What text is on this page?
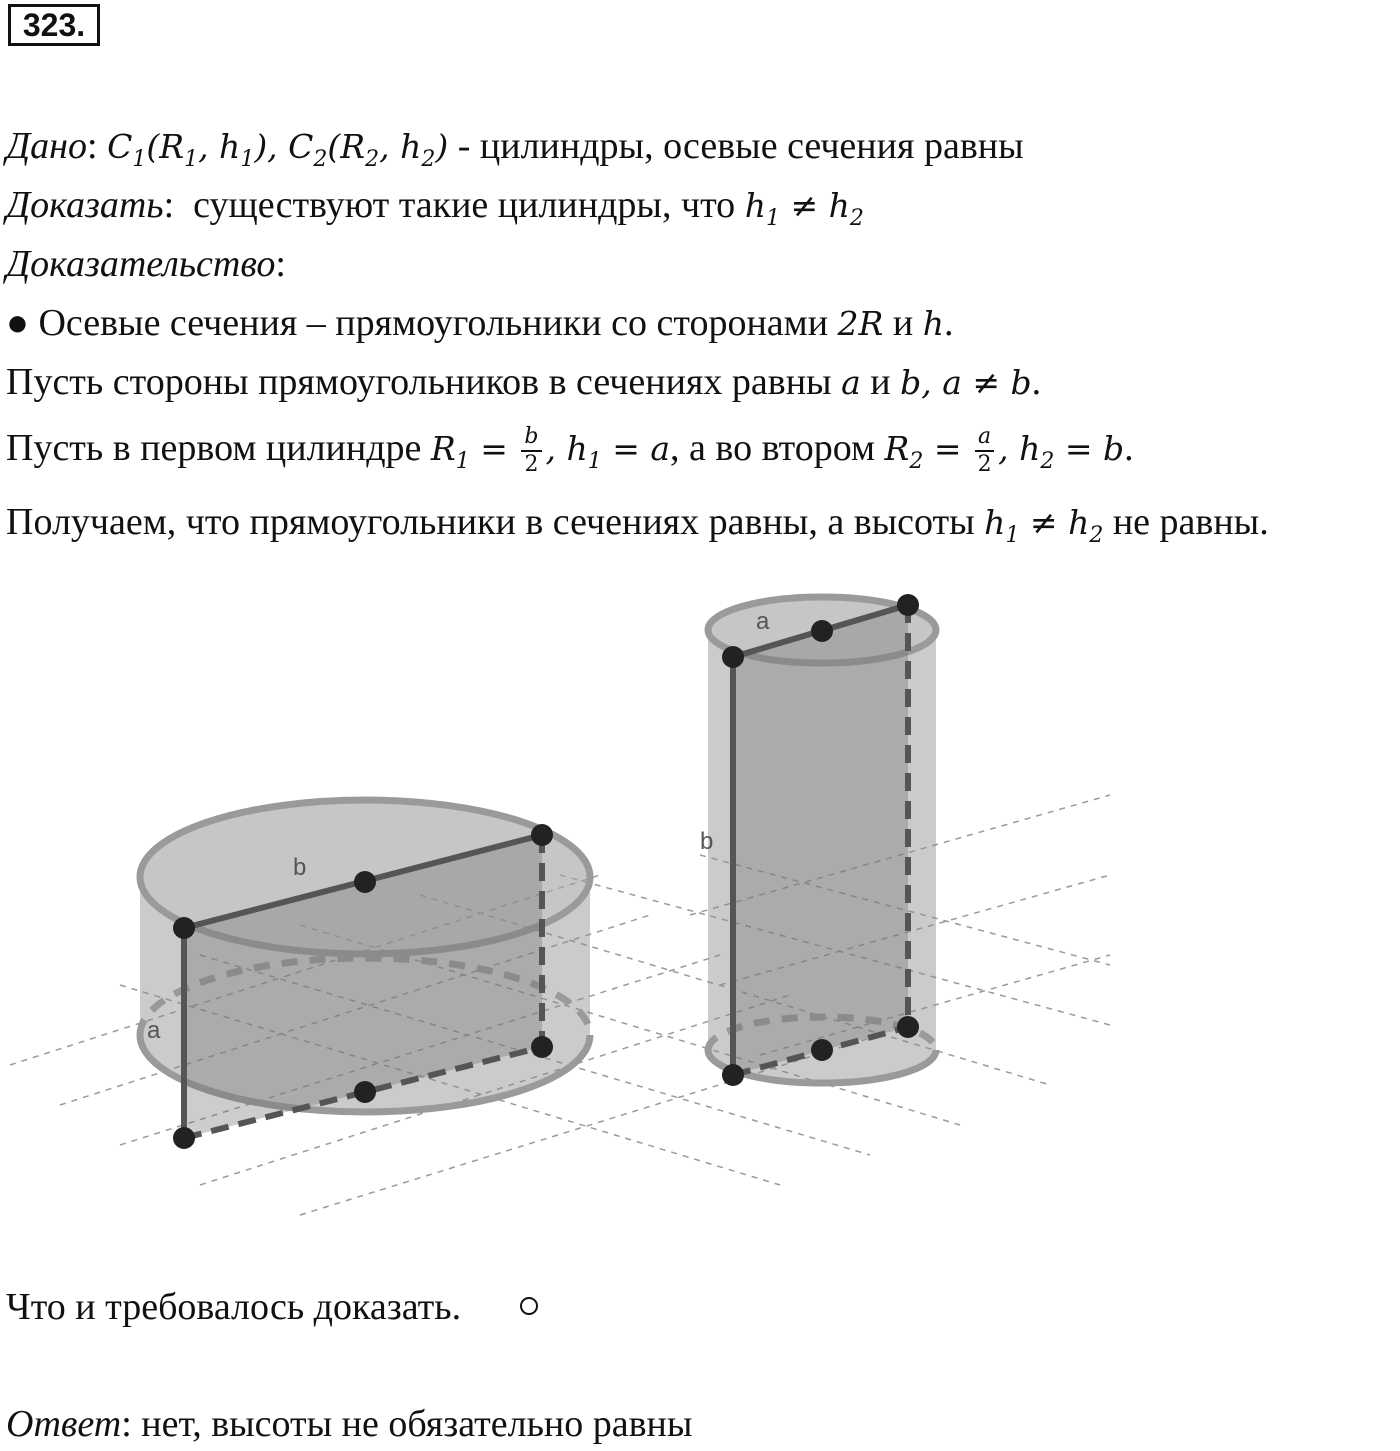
323.
Дано: $C_1(R_1$, $h_1$), $C_2(R_2$, $h_2$) - цилиндры, осевые сечения равны
Доказать:  существуют такие цилиндры, что $h_1 \ne h_2$
Доказательство:
● Осевые сечения – прямоугольники со сторонами 2R и h.
Пусть стороны прямоугольников в сечениях равны a и b, a ≠ b.
Пусть в первом цилиндре $R_1 = \frac{b}{2}$ , $h_1 = a$, а во втором $R_2 = \frac{a}{2}$ , $h_2 = b$.
Получаем, что прямоугольники в сечениях равны, а высоты $h_1 \ne h_2$ не равны.
b
a
a
b
Что и требовалось доказать.
Ответ: нет, высоты не обязательно равны
